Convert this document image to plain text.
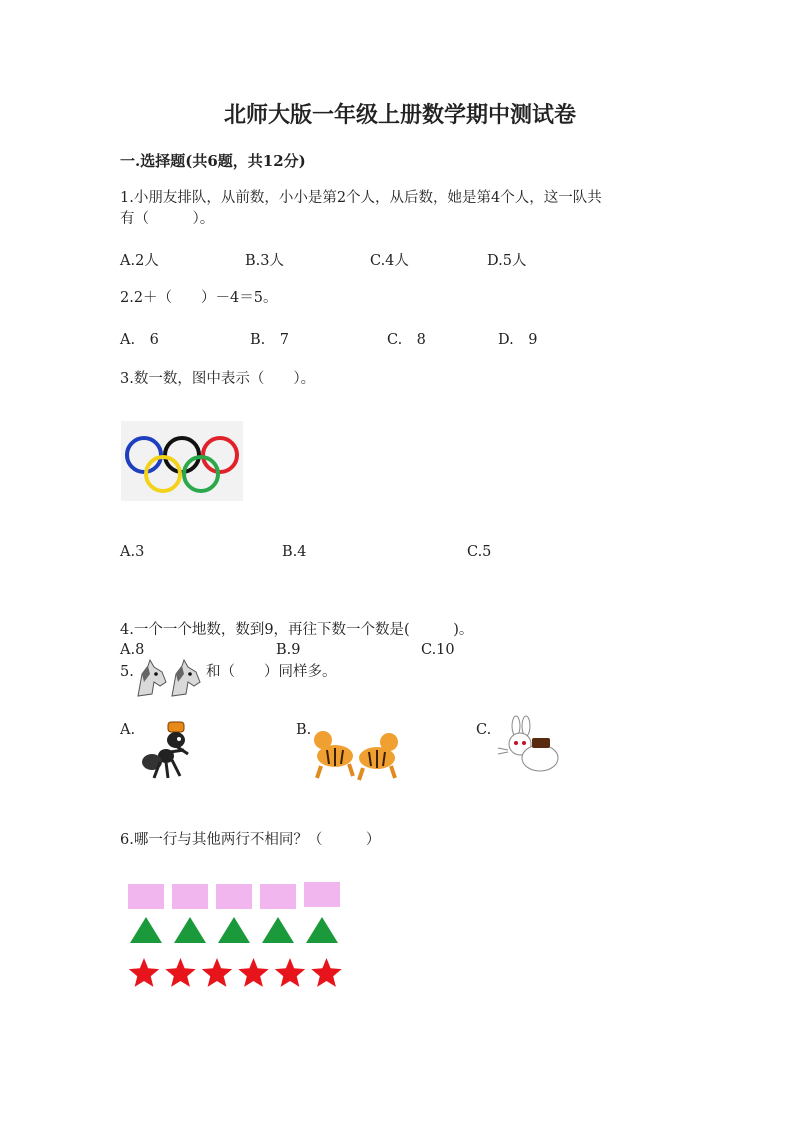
北师大版一年级上册数学期中测试卷
一.选择题(共6题，共12分)
1.小朋友排队，从前数，小小是第2个人，从后数，她是第4个人，这一队共
有（　　　）。
A.2人	B.3人	C.4人	D.5人
2.2＋（　　）－4＝5。
A.　6	B.　7	C.　8	D.　9
3.数一数，图中表示（　　）。
A.3	B.4	C.5
4.一个一个地数，数到9，再往下数一个数是(　　　)。
A.8	B.9	C.10
5.	和（　　）同样多。
A.	B.	C.
6.哪一行与其他两行不相同？（　　　）
